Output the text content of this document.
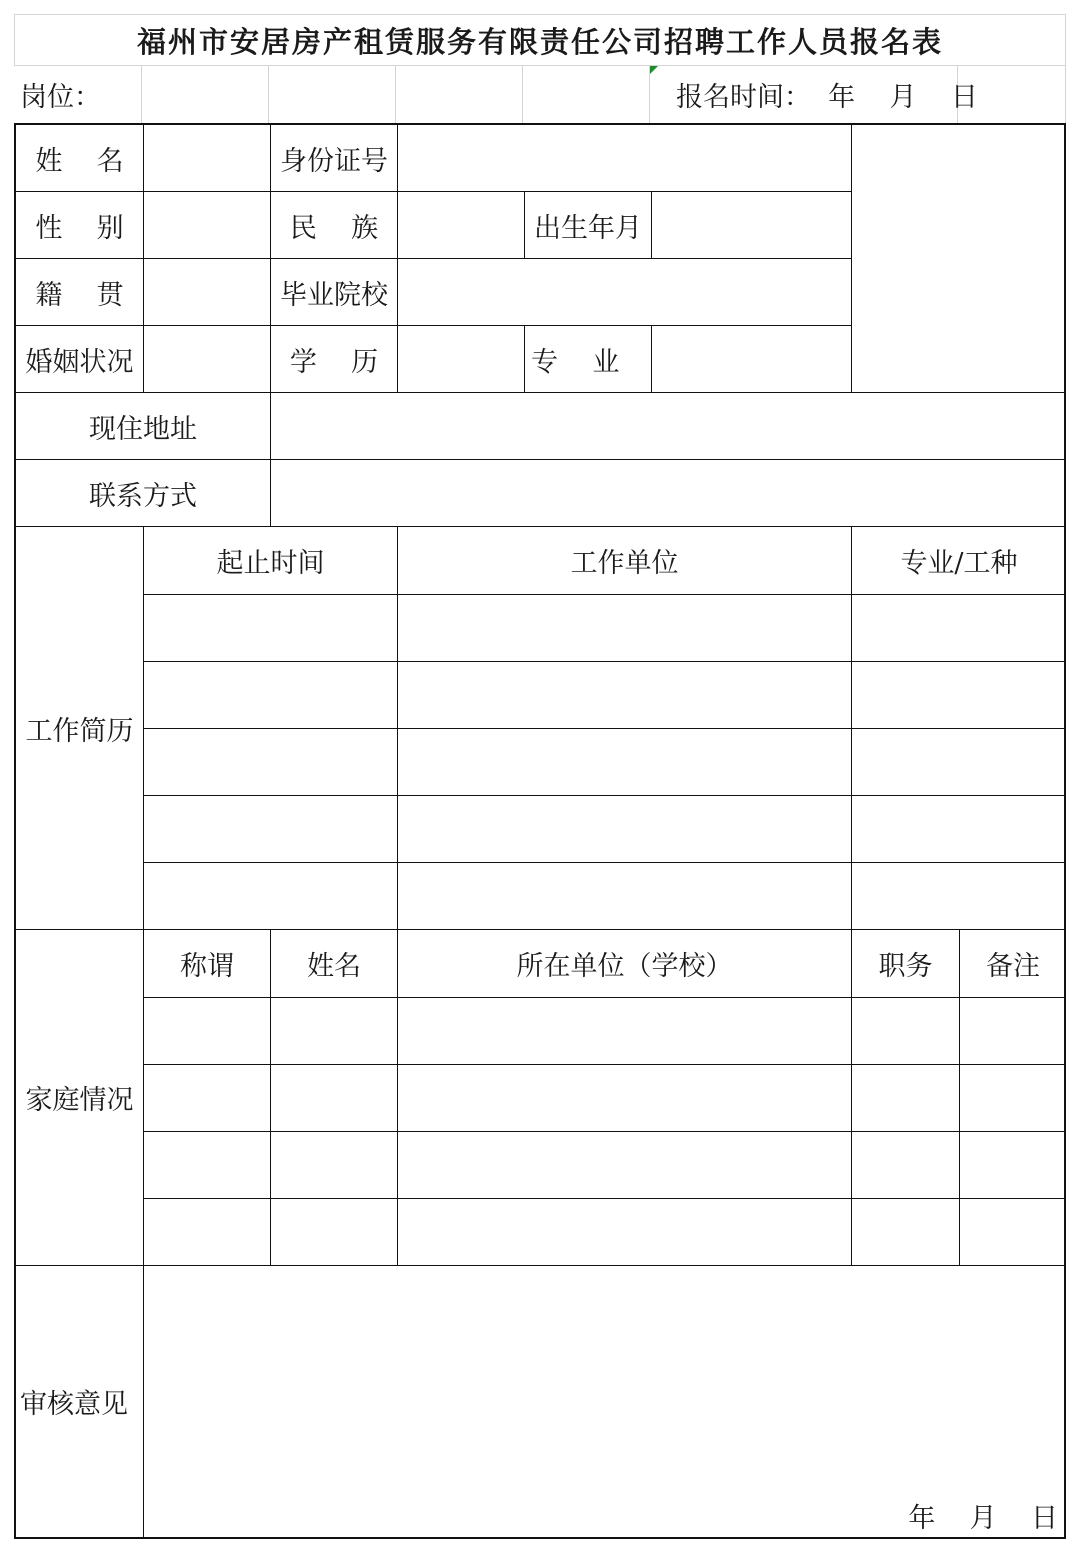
福州市安居房产租赁服务有限责任公司招聘工作人员报名表
岗位：	报名时间：  年    月    日
姓    名	身份证号
性    别	民    族	出生年月
籍    贯	毕业院校
婚姻状况	学    历	专    业
现住地址
联系方式
工作简历
起止时间	工作单位	专业/工种
家庭情况
称谓	姓名	所在单位（学校）	职务 备注
审核意见
年    月    日
